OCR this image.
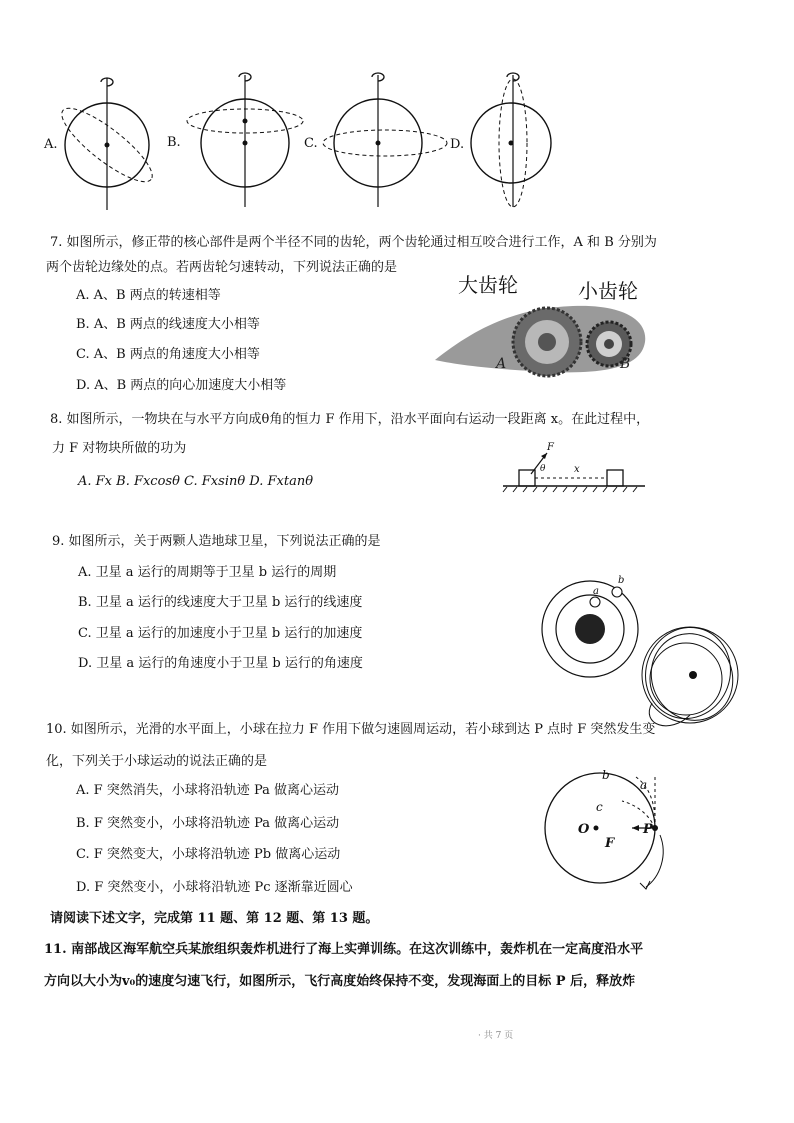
A.	B.	C.	D.
7. 如图所示，修正带的核心部件是两个半径不同的齿轮，两个齿轮通过相互咬合进行工作，A 和 B 分别为
两个齿轮边缘处的点。若两齿轮匀速转动，下列说法正确的是
A. A、B 两点的转速相等
B. A、B 两点的线速度大小相等
C. A、B 两点的角速度大小相等
D. A、B 两点的向心加速度大小相等
大齿轮	小齿轮
A	B
8. 如图所示，一物块在与水平方向成θ角的恒力 F 作用下，沿水平面向右运动一段距离 x。在此过程中，
力 F 对物块所做的功为
A. Fx B. Fxcosθ C. Fxsinθ D. Fxtanθ
F
θ	x
9. 如图所示，关于两颗人造地球卫星，下列说法正确的是
A. 卫星 a 运行的周期等于卫星 b 运行的周期
B. 卫星 a 运行的线速度大于卫星 b 运行的线速度
C. 卫星 a 运行的加速度小于卫星 b 运行的加速度
D. 卫星 a 运行的角速度小于卫星 b 运行的角速度
a
b
10. 如图所示，光滑的水平面上，小球在拉力 F 作用下做匀速圆周运动，若小球到达 P 点时 F 突然发生变
化，下列关于小球运动的说法正确的是
A. F 突然消失，小球将沿轨迹 Pa 做离心运动
B. F 突然变小，小球将沿轨迹 Pa 做离心运动
C. F 突然变大，小球将沿轨迹 Pb 做离心运动
D. F 突然变小，小球将沿轨迹 Pc 逐渐靠近圆心
O	P
F
a
b
c
请阅读下述文字，完成第 11 题、第 12 题、第 13 题。
11. 南部战区海军航空兵某旅组织轰炸机进行了海上实弹训练。在这次训练中，轰炸机在一定高度沿水平
方向以大小为v₀的速度匀速飞行，如图所示，飞行高度始终保持不变，发现海面上的目标 P 后，释放炸
· 共 7 页
